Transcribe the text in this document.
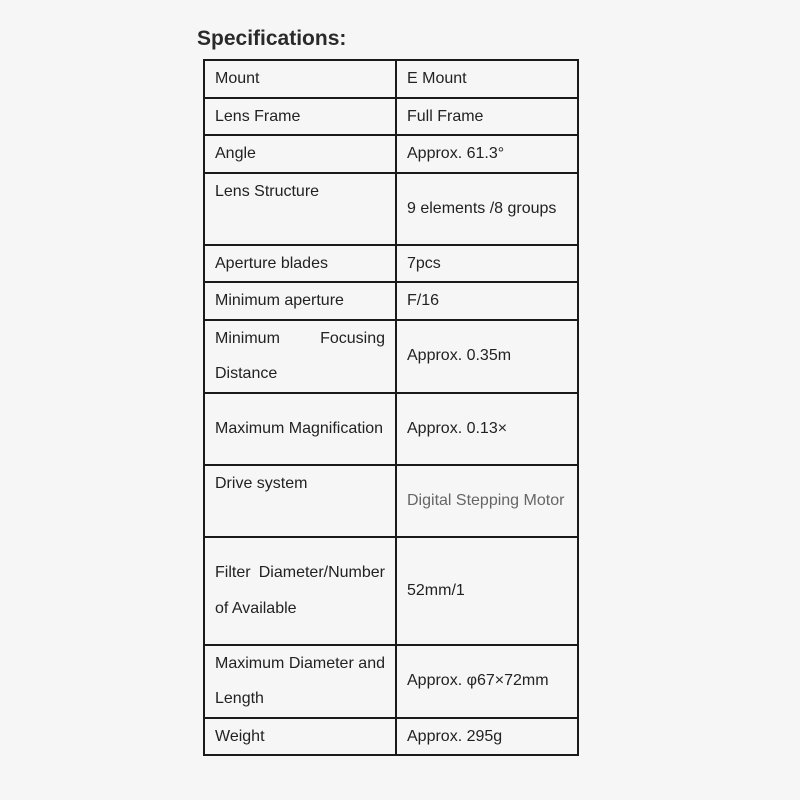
Specifications:
Mount	E Mount
Lens Frame	Full Frame
Angle	Approx. 61.3°
Lens Structure	9 elements /8 groups
Aperture blades	7pcs
Minimum aperture	F/16
Minimum Focusing Distance	Approx. 0.35m
Maximum Magnification	Approx. 0.13×
Drive system	Digital Stepping Motor
Filter Diameter/Number of Available	52mm/1
Maximum Diameter and Length	Approx. φ67×72mm
Weight	Approx. 295g
